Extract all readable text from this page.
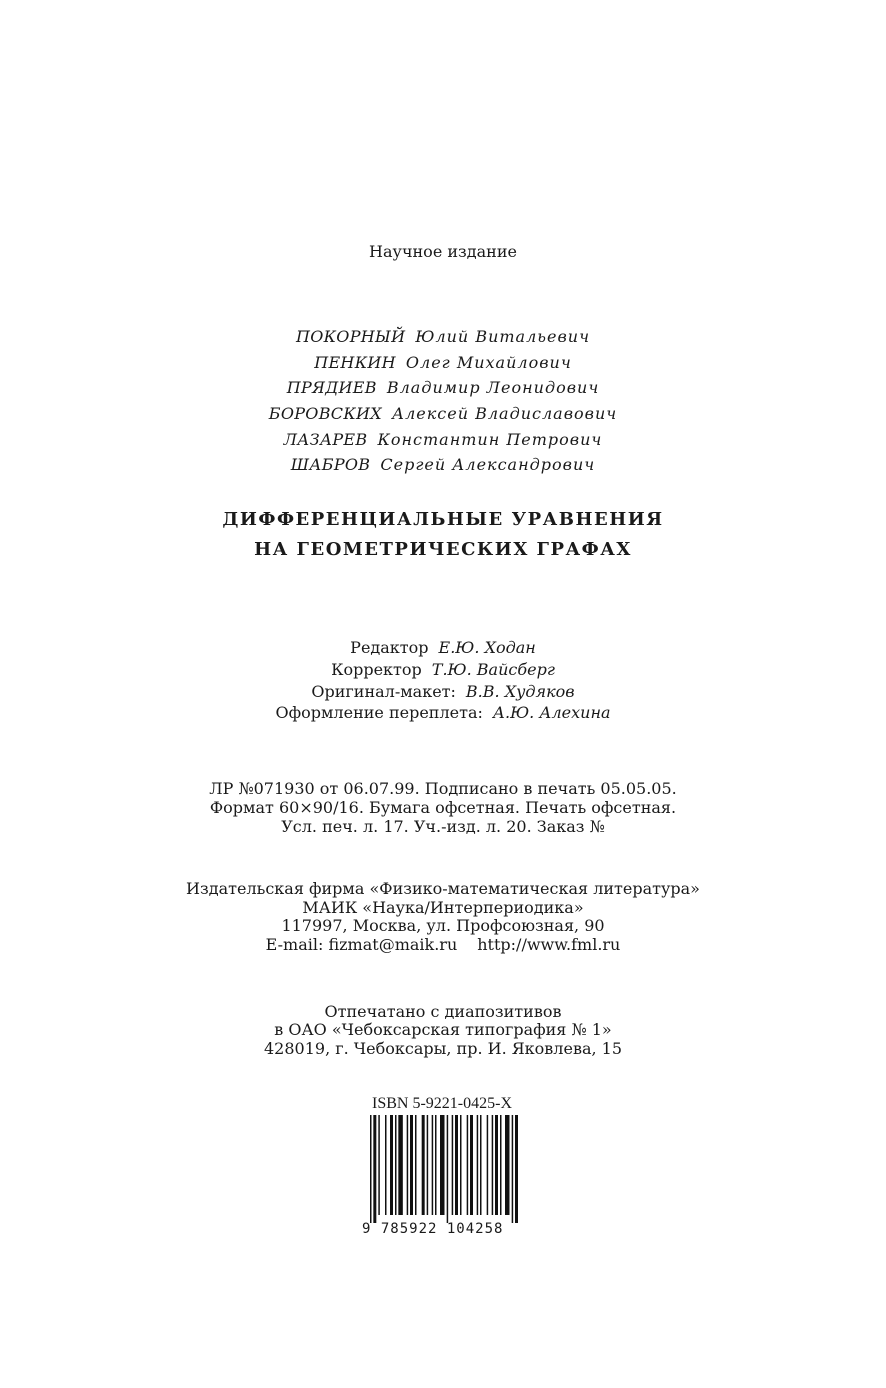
Научное издание
ПОКОРНЫЙ Юлий Витальевич
ПЕНКИН Олег Михайлович
ПРЯДИЕВ Владимир Леонидович
БОРОВСКИХ Алексей Владиславович
ЛАЗАРЕВ Константин Петрович
ШАБРОВ Сергей Александрович
ДИФФЕРЕНЦИАЛЬНЫЕ УРАВНЕНИЯ
НА ГЕОМЕТРИЧЕСКИХ ГРАФАХ
Редактор Е.Ю. Ходан
Корректор Т.Ю. Вайсберг
Оригинал-макет: В.В. Худяков
Оформление переплета: А.Ю. Алехина
ЛР №071930 от 06.07.99. Подписано в печать 05.05.05.
Формат 60×90/16. Бумага офсетная. Печать офсетная.
Усл. печ. л. 17. Уч.-изд. л. 20. Заказ №
Издательская фирма «Физико-математическая литература»
МАИК «Наука/Интерпериодика»
117997, Москва, ул. Профсоюзная, 90
E-mail: fizmat@maik.ru http://www.fml.ru
Отпечатано с диапозитивов
в ОАО «Чебоксарская типография № 1»
428019, г. Чебоксары, пр. И. Яковлева, 15
ISBN 5-9221-0425-X
9 785922 104258
